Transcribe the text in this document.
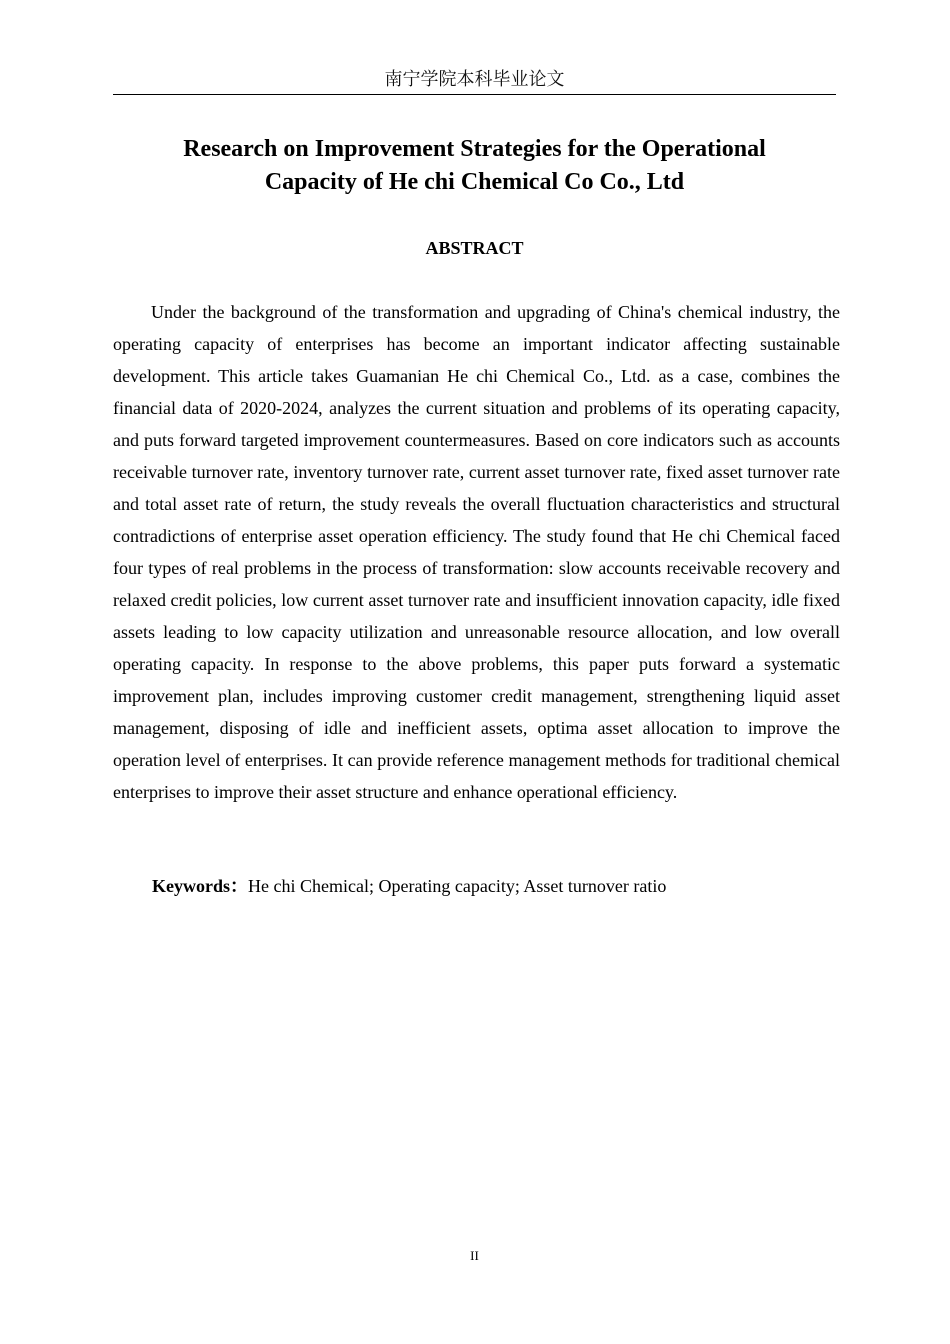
南宁学院本科毕业论文
Research on Improvement Strategies for the Operational
Capacity of He chi Chemical Co Co., Ltd
ABSTRACT

Under the background of the transformation and upgrading of China's chemical industry, the operating capacity of enterprises has become an important indicator affecting sustainable development. This article takes Guamanian He chi Chemical Co., Ltd. as a case, combines the financial data of 2020-2024, analyzes the current situation and problems of its operating capacity, and puts forward targeted improvement countermeasures. Based on core indicators such as accounts receivable turnover rate, inventory turnover rate, current asset turnover rate, fixed asset turnover rate and total asset rate of return, the study reveals the overall fluctuation characteristics and structural contradictions of enterprise asset operation efficiency. The study found that He chi Chemical faced four types of real problems in the process of transformation: slow accounts receivable recovery and relaxed credit policies, low current asset turnover rate and insufficient innovation capacity, idle fixed assets leading to low capacity utilization and unreasonable resource allocation, and low overall operating capacity. In response to the above problems, this paper puts forward a systematic improvement plan, includes improving customer credit management, strengthening liquid asset management, disposing of idle and inefficient assets, optima asset allocation to improve the operation level of enterprises. It can provide reference management methods for traditional chemical enterprises to improve their asset structure and enhance operational efficiency.

Keywords：He chi Chemical; Operating capacity; Asset turnover ratio
II
